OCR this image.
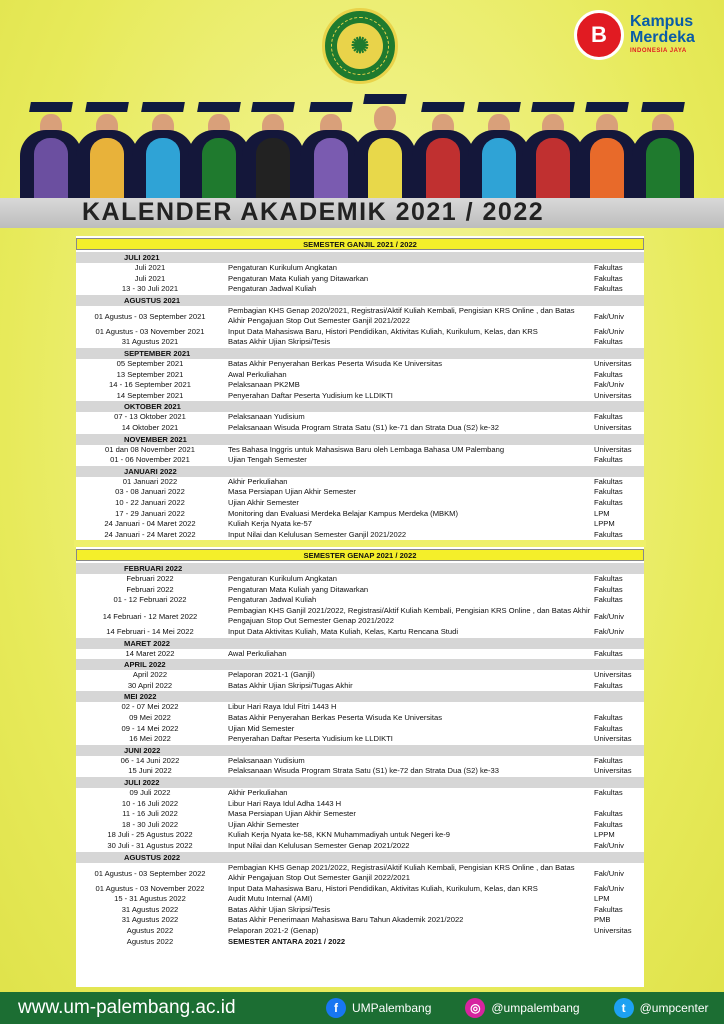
✺	B
Kampus
Merdeka
INDONESIA JAYA
KALENDER AKADEMIK 2021 / 2022
SEMESTER GANJIL 2021 / 2022
JULI 2021
Juli 2021	Pengaturan Kurikulum Angkatan	Fakultas
Juli 2021	Pengaturan Mata Kuliah yang Ditawarkan	Fakultas
13 - 30 Juli 2021	Pengaturan Jadwal Kuliah	Fakultas
AGUSTUS 2021
01 Agustus - 03 September 2021
Pembagian KHS Genap 2020/2021, Registrasi/Aktif Kuliah Kembali, Pengisian KRS Online , dan Batas Akhir Pengajuan Stop Out Semester Ganjil 2021/2022	Fak/Univ
01 Agustus - 03 November 2021	Input Data Mahasiswa Baru, Histori Pendidikan, Aktivitas Kuliah, Kurikulum, Kelas, dan KRS	Fak/Univ
31 Agustus 2021	Batas Akhir Ujian Skripsi/Tesis	Fakultas
SEPTEMBER 2021
05 September 2021	Batas Akhir Penyerahan Berkas Peserta Wisuda Ke Universitas	Universitas
13 September 2021	Awal Perkuliahan	Fakultas
14 - 16 September 2021	Pelaksanaan PK2MB	Fak/Univ
14 September 2021	Penyerahan Daftar Peserta Yudisium ke LLDIKTI	Universitas
OKTOBER 2021
07 - 13 Oktober 2021	Pelaksanaan Yudisium	Fakultas
14 Oktober 2021	Pelaksanaan Wisuda Program Strata Satu (S1) ke-71 dan Strata Dua (S2) ke-32	Universitas
NOVEMBER 2021
01 dan 08 November 2021	Tes Bahasa Inggris untuk Mahasiswa Baru oleh Lembaga Bahasa UM Palembang	Universitas
01 - 06 November 2021	Ujian Tengah Semester	Fakultas
JANUARI 2022
01 Januari 2022	Akhir Perkuliahan	Fakultas
03 - 08 Januari 2022	Masa Persiapan Ujian Akhir Semester	Fakultas
10 - 22 Januari 2022	Ujian Akhir Semester	Fakultas
17 - 29 Januari 2022	Monitoring dan Evaluasi Merdeka Belajar Kampus Merdeka (MBKM)	LPM
24 Januari - 04 Maret 2022	Kuliah Kerja Nyata ke-57	LPPM
24 Januari - 24 Maret 2022	Input Nilai dan Kelulusan Semester Ganjil 2021/2022	Fakultas
SEMESTER GENAP 2021 / 2022
FEBRUARI 2022
Februari 2022	Pengaturan Kurikulum Angkatan	Fakultas
Februari 2022	Pengaturan Mata Kuliah yang Ditawarkan	Fakultas
01 - 12 Februari 2022	Pengaturan Jadwal Kuliah	Fakultas
14 Februari - 12 Maret 2022
Pembagian KHS Ganjil 2021/2022, Registrasi/Aktif Kuliah Kembali, Pengisian KRS Online , dan Batas Akhir Pengajuan Stop Out Semester Genap 2021/2022	Fak/Univ
14 Februari - 14 Mei 2022	Input Data Aktivitas Kuliah, Mata Kuliah, Kelas, Kartu Rencana Studi	Fak/Univ
MARET 2022
14 Maret 2022	Awal Perkuliahan	Fakultas
APRIL 2022
April 2022	Pelaporan 2021-1 (Ganjil)	Universitas
30 April 2022	Batas Akhir Ujian Skripsi/Tugas Akhir	Fakultas
MEI 2022
02 - 07 Mei 2022	Libur Hari Raya Idul Fitri 1443 H
09 Mei 2022	Batas Akhir Penyerahan Berkas Peserta Wisuda Ke Universitas	Fakultas
09 - 14 Mei 2022	Ujian Mid Semester	Fakultas
16 Mei 2022	Penyerahan Daftar Peserta Yudisium ke LLDIKTI	Universitas
JUNI 2022
06 - 14 Juni 2022	Pelaksanaan Yudisium	Fakultas
15 Juni 2022	Pelaksanaan Wisuda Program Strata Satu (S1) ke-72 dan Strata Dua (S2) ke-33	Universitas
JULI 2022
09 Juli 2022	Akhir Perkuliahan	Fakultas
10 - 16 Juli 2022	Libur Hari Raya Idul Adha 1443 H
11 - 16 Juli 2022	Masa Persiapan Ujian Akhir Semester	Fakultas
18 - 30 Juli 2022	Ujian Akhir Semester	Fakultas
18 Juli - 25 Agustus 2022	Kuliah Kerja Nyata ke-58, KKN Muhammadiyah untuk Negeri ke-9	LPPM
30 Juli - 31 Agustus 2022	Input Nilai dan Kelulusan Semester Genap 2021/2022	Fak/Univ
AGUSTUS 2022
01 Agustus - 03 September 2022
Pembagian KHS Genap 2021/2022, Registrasi/Aktif Kuliah Kembali, Pengisian KRS Online , dan Batas Akhir Pengajuan Stop Out Semester Ganjil 2022/2021	Fak/Univ
01 Agustus - 03 November 2022	Input Data Mahasiswa Baru, Histori Pendidikan, Aktivitas Kuliah, Kurikulum, Kelas, dan KRS	Fak/Univ
15 - 31 Agustus 2022	Audit Mutu Internal (AMI)	LPM
31 Agustus 2022	Batas Akhir Ujian Skripsi/Tesis	Fakultas
31 Agustus 2022	Batas Akhir Penerimaan Mahasiswa Baru Tahun Akademik 2021/2022	PMB
Agustus 2022	Pelaporan 2021-2 (Genap)	Universitas
Agustus 2022	SEMESTER ANTARA 2021 / 2022
www.um-palembang.ac.id	f	UMPalembang	◎ @umpalembang	t	@umpcenter
